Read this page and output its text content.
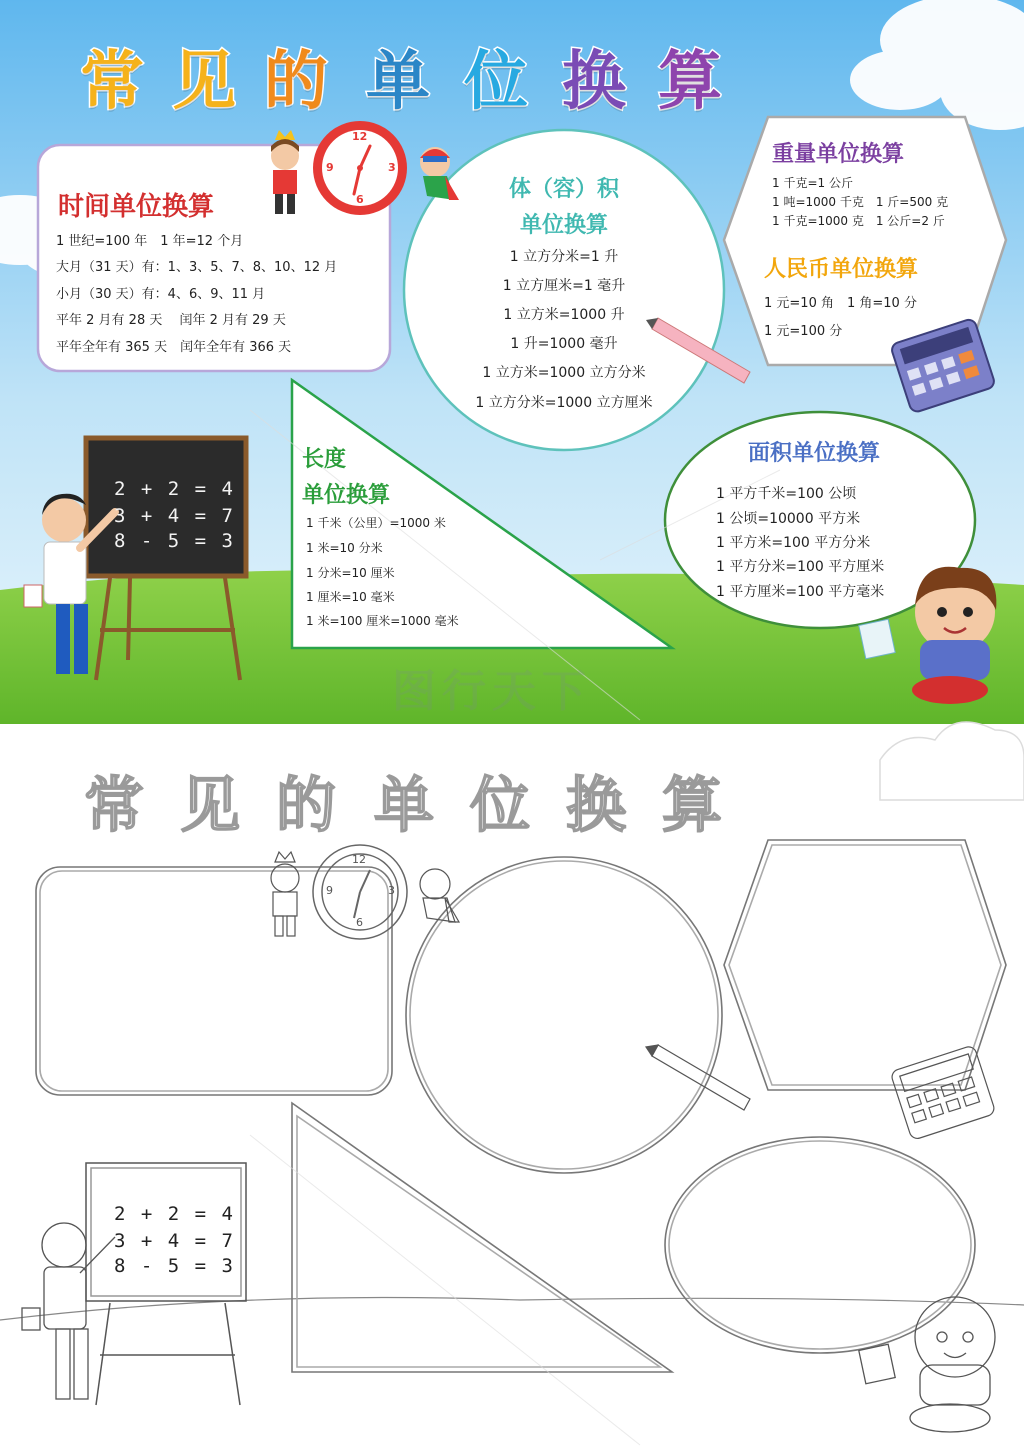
常 见 的 单 位 换 算
常 见 的 单 位 换 算
时间单位换算
1 世纪=100 年　1 年=12 个月
大月（31 天）有：1、3、5、7、8、10、12 月
小月（30 天）有：4、6、9、11 月
平年 2 月有 28 天　 闰年 2 月有 29 天
平年全年有 365 天　闰年全年有 366 天
体（容）积
单位换算
1 立方分米=1 升
1 立方厘米=1 毫升
1 立方米=1000 升
1 升=1000 毫升
1 立方米=1000 立方分米
1 立方分米=1000 立方厘米
重量单位换算
1 千克=1 公斤
1 吨=1000 千克　1 斤=500 克
1 千克=1000 克　1 公斤=2 斤
人民币单位换算
1 元=10 角　1 角=10 分
1 元=100 分
长度
单位换算
1 千米（公里）=1000 米
1 米=10 分米
1 分米=10 厘米
1 厘米=10 毫米
1 米=100 厘米=1000 毫米
面积单位换算
1 平方千米=100 公顷
1 公顷=10000 平方米
1 平方米=100 平方分米
1 平方分米=100 平方厘米
1 平方厘米=100 平方毫米
2 + 2 = 4
3 + 4 = 7
8 - 5 = 3
2 + 2 = 4
3 + 4 = 7
8 - 5 = 3
12
3
6
9
12
3
6
9
图行天下
